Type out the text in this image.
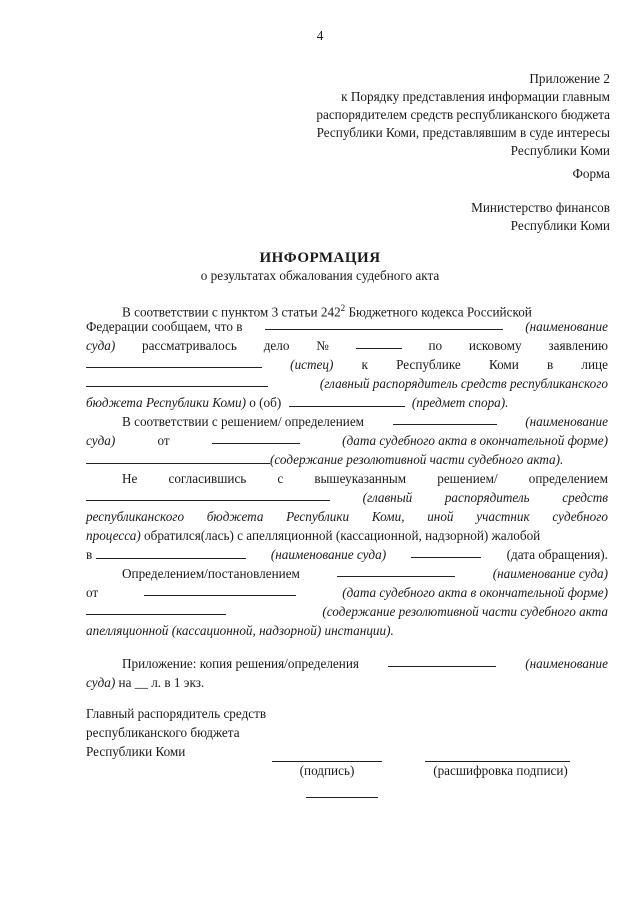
4
Приложение 2
к Порядку представления информации главным
распорядителем средств республиканского бюджета
Республики Коми, представлявшим в суде интересы
Республики Коми
Форма
Министерство финансов
Республики Коми
ИНФОРМАЦИЯ
о результатах обжалования судебного акта
В соответствии с пунктом 3 статьи $242^2$ Бюджетного кодекса Российской
Федерации сообщаем, что в	(наименование
суда) рассматривалось дело №	по исковому заявлению
(истец) к Республике Коми в лице
(главный распорядитель средств республиканского
бюджета Республики Коми) о (об)	(предмет спора).
В соответствии с решением/ определением	(наименование
суда)	от	(дата судебного акта в окончательной форме)
(содержание резолютивной части судебного акта).
Не согласившись с вышеуказанным решением/ определением
(главный распорядитель средств
республиканского бюджета Республики Коми, иной участник судебного
процесса) обратился(лась) с апелляционной (кассационной, надзорной) жалобой
в	(наименование суда)	(дата обращения).
Определением/постановлением	(наименование суда)
от	(дата судебного акта в окончательной форме)
(содержание резолютивной части судебного акта
апелляционной (кассационной, надзорной) инстанции).
Приложение: копия решения/определения	(наименование
суда) на __ л. в 1 экз.
Главный распорядитель средств
республиканского бюджета
Республики Коми
(подпись)	(расшифровка подписи)
